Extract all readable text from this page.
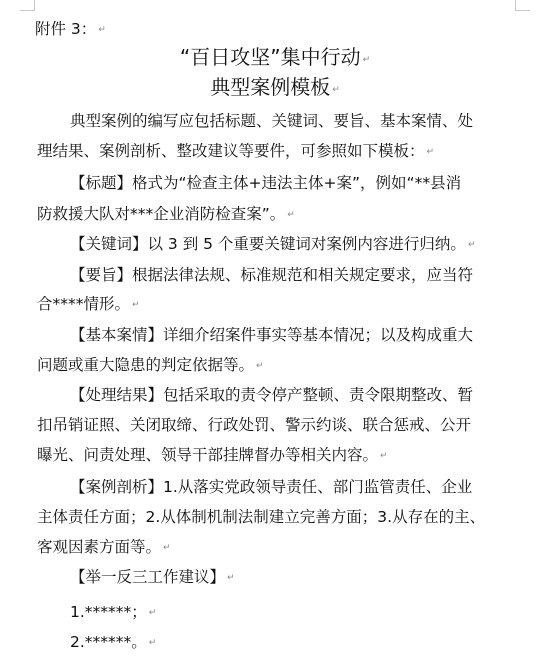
附件 3： ↵
“百日攻坚”集中行动 ↵
典型案例模板 ↵
典型案例的编写应包括标题、关键词、要旨、基本案情、处
理结果、案例剖析、整改建议等要件，可参照如下模板： ↵
【标题】格式为“检查主体+违法主体+案”，例如“**县消
防救援大队对***企业消防检查案”。 ↵
【关键词】以 3 到 5 个重要关键词对案例内容进行归纳。 ↵
【要旨】根据法律法规、标准规范和相关规定要求，应当符
合****情形。 ↵
【基本案情】详细介绍案件事实等基本情况；以及构成重大
问题或重大隐患的判定依据等。 ↵
【处理结果】包括采取的责令停产整顿、责令限期整改、暂
扣吊销证照、关闭取缔、行政处罚、警示约谈、联合惩戒、公开
曝光、问责处理、领导干部挂牌督办等相关内容。 ↵
【案例剖析】1.从落实党政领导责任、部门监管责任、企业
主体责任方面；2.从体制机制法制建立完善方面；3.从存在的主、
客观因素方面等。 ↵
【举一反三工作建议】 ↵
1.******； ↵
2.******。 ↵
